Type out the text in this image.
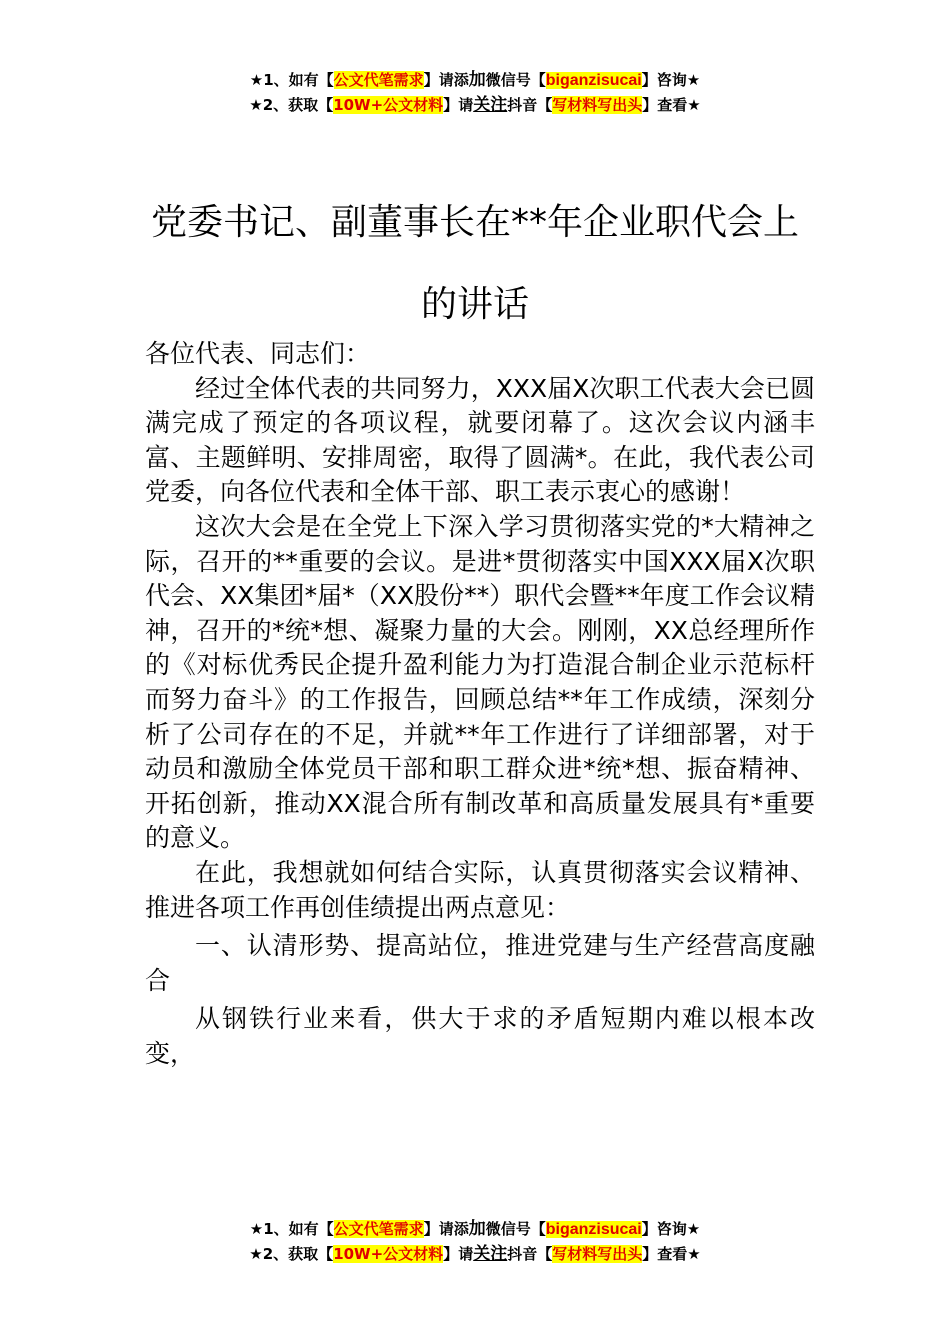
★1、如有【公文代笔需求】请添加微信号【biganzisucai】咨询★
★2、获取【10W+公文材料】请关注抖音【写材料写出头】查看★
党委书记、副董事长在**年企业职代会上
的讲话

各位代表、同志们：

经过全体代表的共同努力，XXX届X次职工代表大会已圆满完成了预定的各项议程，就要闭幕了。这次会议内涵丰富、主题鲜明、安排周密，取得了圆满*。在此，我代表公司党委，向各位代表和全体干部、职工表示衷心的感谢！

这次大会是在全党上下深入学习贯彻落实党的*大精神之际，召开的**重要的会议。是进*贯彻落实中国XXX届X次职代会、XX集团*届*（XX股份**）职代会暨**年度工作会议精神，召开的*统*想、凝聚力量的大会。刚刚，XX总经理所作的《对标优秀民企提升盈利能力为打造混合制企业示范标杆而努力奋斗》的工作报告，回顾总结**年工作成绩，深刻分析了公司存在的不足，并就**年工作进行了详细部署，对于动员和激励全体党员干部和职工群众进*统*想、振奋精神、开拓创新，推动XX混合所有制改革和高质量发展具有*重要的意义。

在此，我想就如何结合实际，认真贯彻落实会议精神、推进各项工作再创佳绩提出两点意见：

一、认清形势、提高站位，推进党建与生产经营高度融合

从钢铁行业来看，供大于求的矛盾短期内难以根本改变，

★1、如有【公文代笔需求】请添加微信号【biganzisucai】咨询★
★2、获取【10W+公文材料】请关注抖音【写材料写出头】查看★
